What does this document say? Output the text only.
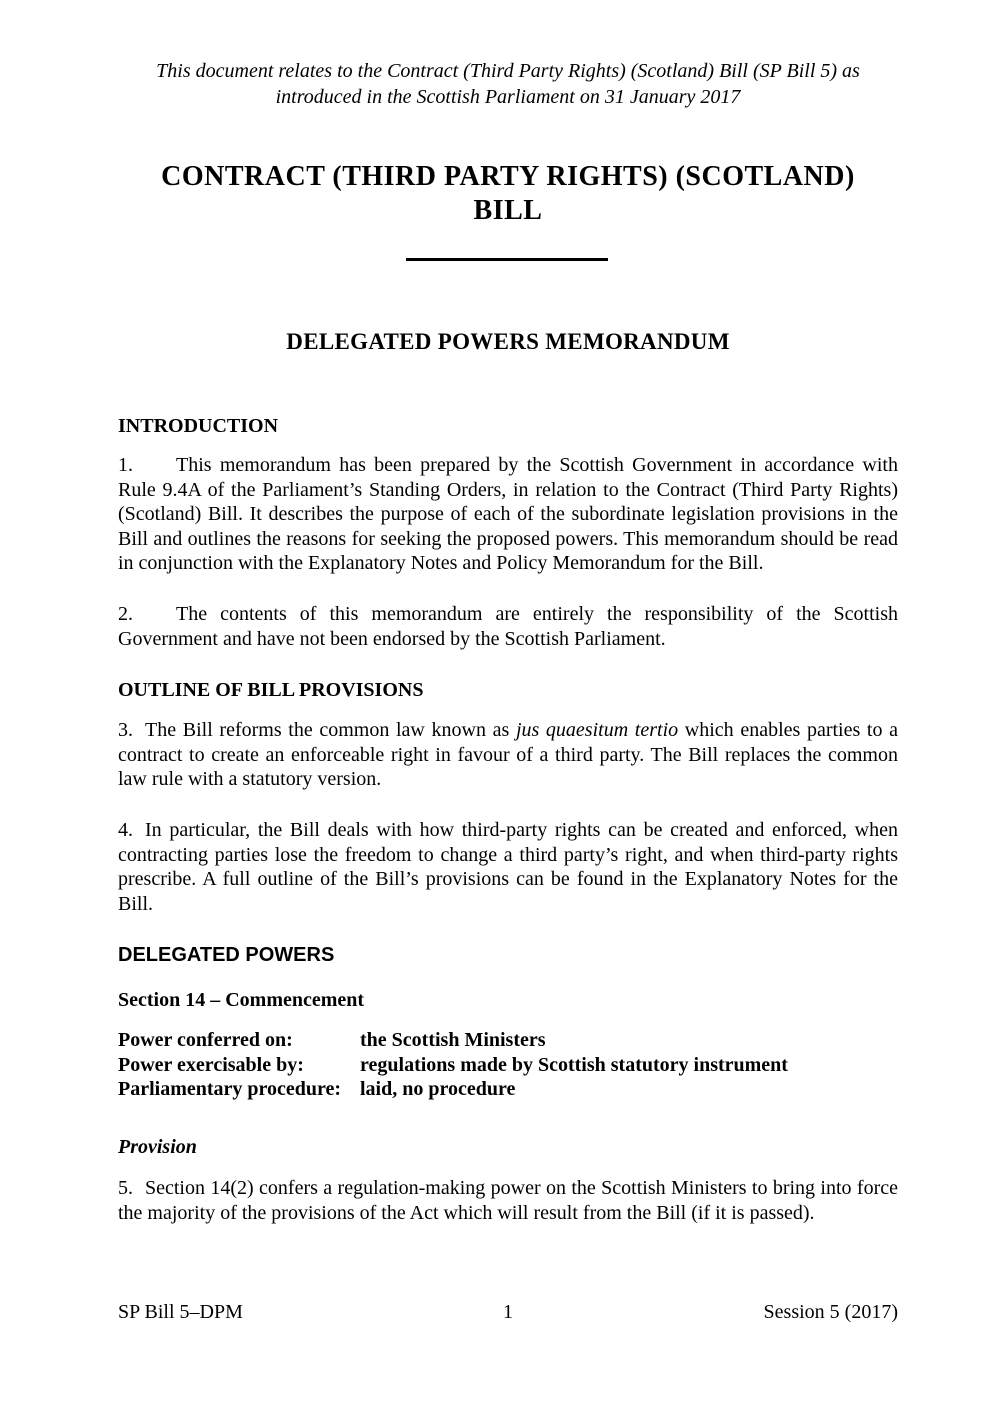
This document relates to the Contract (Third Party Rights) (Scotland) Bill (SP Bill 5) as
introduced in the Scottish Parliament on 31 January 2017
CONTRACT (THIRD PARTY RIGHTS) (SCOTLAND)
BILL
DELEGATED POWERS MEMORANDUM
INTRODUCTION
1. This memorandum has been prepared by the Scottish Government in accordance with Rule 9.4A of the Parliament’s Standing Orders, in relation to the Contract (Third Party Rights) (Scotland) Bill. It describes the purpose of each of the subordinate legislation provisions in the Bill and outlines the reasons for seeking the proposed powers. This memorandum should be read in conjunction with the Explanatory Notes and Policy Memorandum for the Bill.
2. The contents of this memorandum are entirely the responsibility of the Scottish Government and have not been endorsed by the Scottish Parliament.
OUTLINE OF BILL PROVISIONS
3. The Bill reforms the common law known as jus quaesitum tertio which enables parties to a contract to create an enforceable right in favour of a third party. The Bill replaces the common law rule with a statutory version.
4. In particular, the Bill deals with how third-party rights can be created and enforced, when contracting parties lose the freedom to change a third party’s right, and when third-party rights prescribe. A full outline of the Bill’s provisions can be found in the Explanatory Notes for the Bill.
DELEGATED POWERS
Section 14 – Commencement
Power conferred on:	the Scottish Ministers
Power exercisable by:	regulations made by Scottish statutory instrument
Parliamentary procedure: laid, no procedure
Provision
5. Section 14(2) confers a regulation-making power on the Scottish Ministers to bring into force the majority of the provisions of the Act which will result from the Bill (if it is passed).
1
SP Bill 5–DPM	Session 5 (2017)
